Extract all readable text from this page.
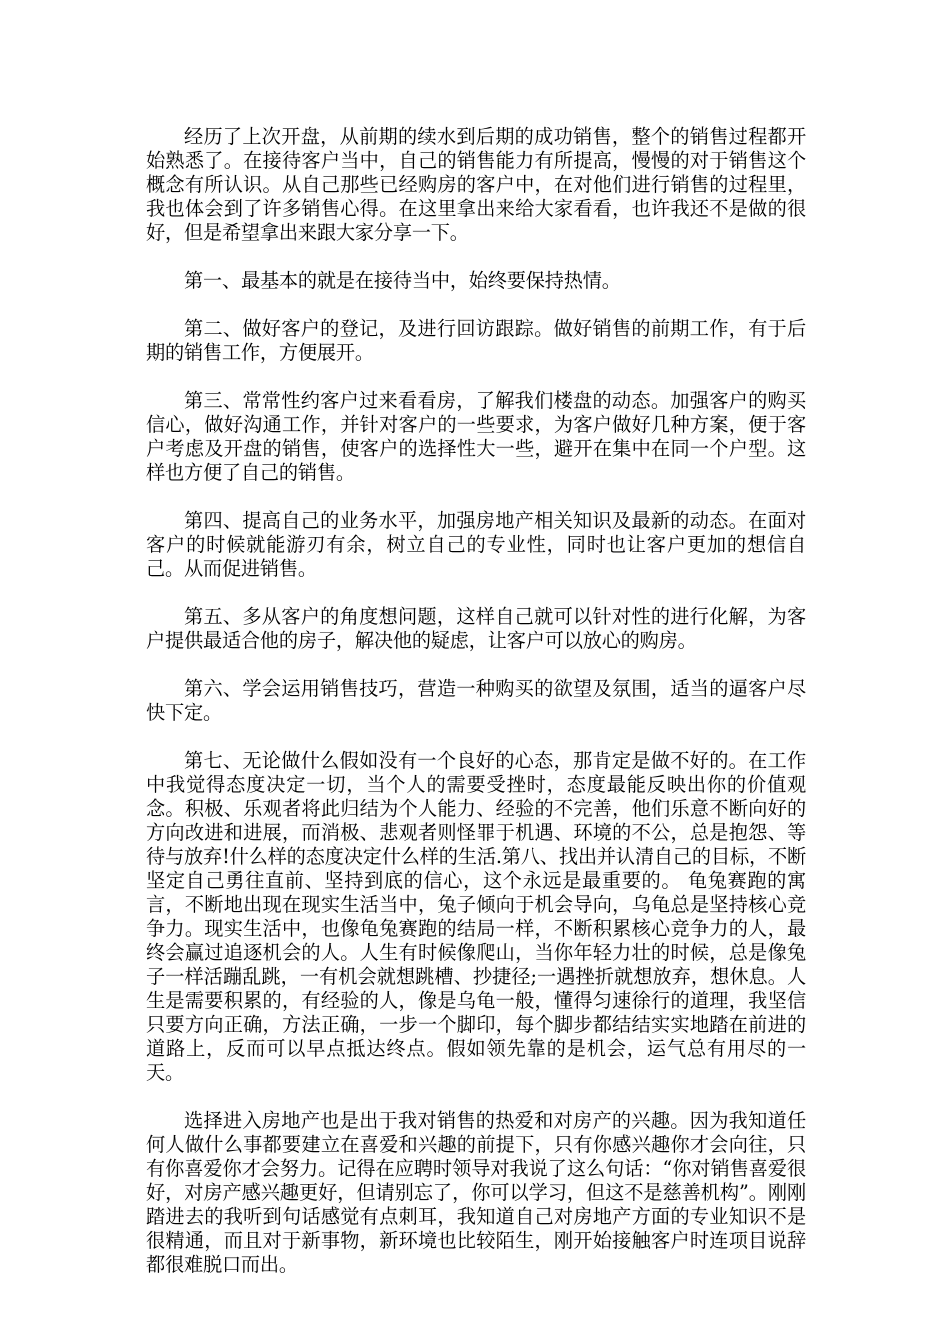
经历了上次开盘，从前期的续水到后期的成功销售，整个的销售过程都开始熟悉了。在接待客户当中，自己的销售能力有所提高，慢慢的对于销售这个概念有所认识。从自己那些已经购房的客户中，在对他们进行销售的过程里，我也体会到了许多销售心得。在这里拿出来给大家看看，也许我还不是做的很好，但是希望拿出来跟大家分享一下。

第一、最基本的就是在接待当中，始终要保持热情。

第二、做好客户的登记，及进行回访跟踪。做好销售的前期工作，有于后期的销售工作，方便展开。

第三、常常性约客户过来看看房，了解我们楼盘的动态。加强客户的购买信心，做好沟通工作，并针对客户的一些要求，为客户做好几种方案，便于客户考虑及开盘的销售，使客户的选择性大一些，避开在集中在同一个户型。这样也方便了自己的销售。

第四、提高自己的业务水平，加强房地产相关知识及最新的动态。在面对客户的时候就能游刃有余，树立自己的专业性，同时也让客户更加的想信自己。从而促进销售。

第五、多从客户的角度想问题，这样自己就可以针对性的进行化解，为客户提供最适合他的房子，解决他的疑虑，让客户可以放心的购房。

第六、学会运用销售技巧，营造一种购买的欲望及氛围，适当的逼客户尽快下定。

第七、无论做什么假如没有一个良好的心态，那肯定是做不好的。在工作中我觉得态度决定一切，当个人的需要受挫时，态度最能反映出你的价值观念。积极、乐观者将此归结为个人能力、经验的不完善，他们乐意不断向好的方向改进和进展，而消极、悲观者则怪罪于机遇、环境的不公，总是抱怨、等待与放弃!什么样的态度决定什么样的生活.第八、找出并认清自己的目标，不断坚定自己勇往直前、坚持到底的信心，这个永远是最重要的。 龟兔赛跑的寓言，不断地出现在现实生活当中，兔子倾向于机会导向，乌龟总是坚持核心竞争力。现实生活中，也像龟兔赛跑的结局一样，不断积累核心竞争力的人，最终会赢过追逐机会的人。人生有时候像爬山，当你年轻力壮的时候，总是像兔子一样活蹦乱跳，一有机会就想跳槽、抄捷径;一遇挫折就想放弃，想休息。人生是需要积累的，有经验的人，像是乌龟一般，懂得匀速徐行的道理，我坚信只要方向正确，方法正确，一步一个脚印，每个脚步都结结实实地踏在前进的道路上，反而可以早点抵达终点。假如领先靠的是机会，运气总有用尽的一天。

选择进入房地产也是出于我对销售的热爱和对房产的兴趣。因为我知道任何人做什么事都要建立在喜爱和兴趣的前提下，只有你感兴趣你才会向往，只有你喜爱你才会努力。记得在应聘时领导对我说了这么句话：“你对销售喜爱很好，对房产感兴趣更好，但请别忘了，你可以学习，但这不是慈善机构”。刚刚踏进去的我听到句话感觉有点刺耳，我知道自己对房地产方面的专业知识不是很精通，而且对于新事物，新环境也比较陌生，刚开始接触客户时连项目说辞都很难脱口而出。
